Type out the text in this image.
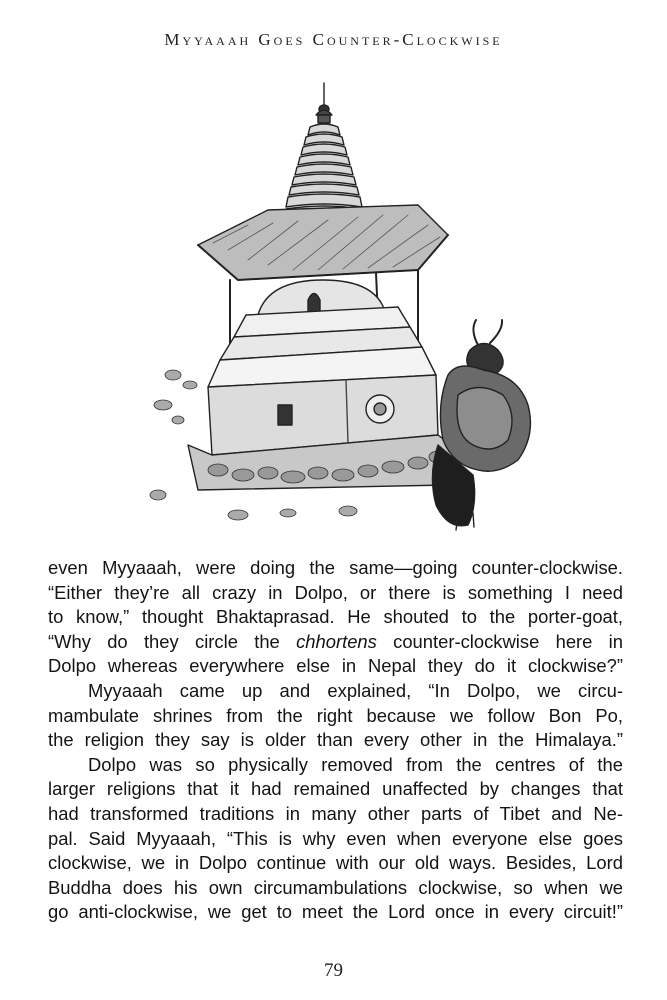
Myyaaah Goes Counter-Clockwise
even Myyaaah, were doing the same—going counter-clockwise.
“Either they’re all crazy in Dolpo, or there is something I need
to know,” thought Bhaktaprasad. He shouted to the porter-goat,
“Why do they circle the chhortens counter-clockwise here in
Dolpo whereas everywhere else in Nepal they do it clockwise?”
Myyaaah came up and explained, “In Dolpo, we circu-
mambulate shrines from the right because we follow Bon Po,
the religion they say is older than every other in the Himalaya.”
Dolpo was so physically removed from the centres of the
larger religions that it had remained unaffected by changes that
had transformed traditions in many other parts of Tibet and Ne-
pal. Said Myyaaah, “This is why even when everyone else goes
clockwise, we in Dolpo continue with our old ways. Besides, Lord
Buddha does his own circumambulations clockwise, so when we
go anti-clockwise, we get to meet the Lord once in every circuit!”
79
